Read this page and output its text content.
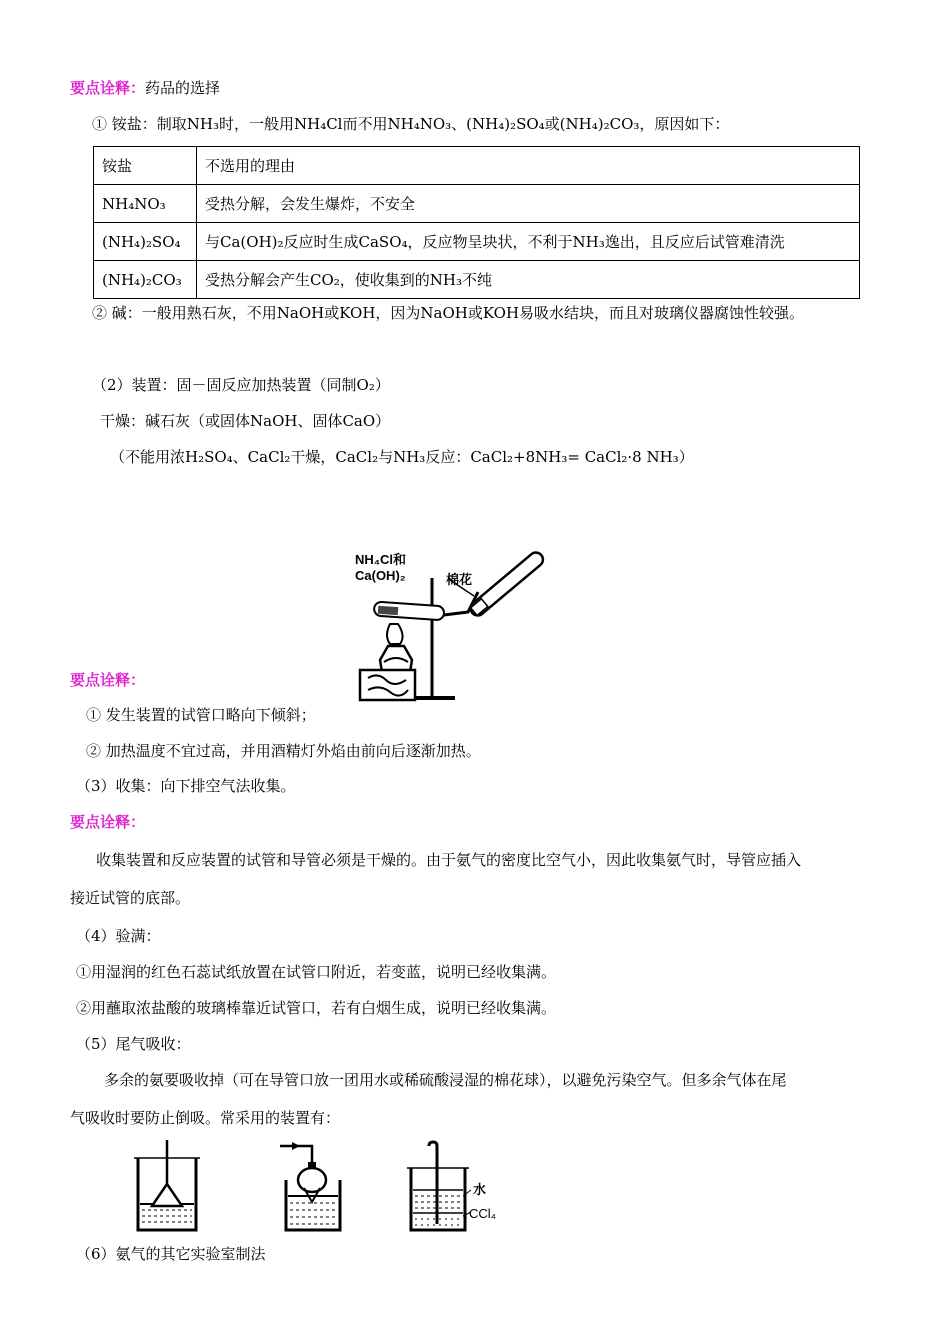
要点诠释：药品的选择
① 铵盐：制取NH₃时，一般用NH₄Cl而不用NH₄NO₃、(NH₄)₂SO₄或(NH₄)₂CO₃，原因如下：
铵盐	不选用的理由
NH₄NO₃	受热分解，会发生爆炸，不安全
(NH₄)₂SO₄	与Ca(OH)₂反应时生成CaSO₄，反应物呈块状，不利于NH₃逸出，且反应后试管难清洗
(NH₄)₂CO₃	受热分解会产生CO₂，使收集到的NH₃不纯
② 碱：一般用熟石灰，不用NaOH或KOH，因为NaOH或KOH易吸水结块，而且对玻璃仪器腐蚀性较强。
（2）装置：固－固反应加热装置（同制O₂）
干燥：碱石灰（或固体NaOH、固体CaO）
（不能用浓H₂SO₄、CaCl₂干燥，CaCl₂与NH₃反应：CaCl₂+8NH₃= CaCl₂·8 NH₃）
NH₄Cl和
Ca(OH)₂	棉花
要点诠释：
① 发生装置的试管口略向下倾斜；
② 加热温度不宜过高，并用酒精灯外焰由前向后逐渐加热。
（3）收集：向下排空气法收集。
要点诠释：
收集装置和反应装置的试管和导管必须是干燥的。由于氨气的密度比空气小，因此收集氨气时，导管应插入
接近试管的底部。
（4）验满：
①用湿润的红色石蕊试纸放置在试管口附近，若变蓝，说明已经收集满。
②用蘸取浓盐酸的玻璃棒靠近试管口，若有白烟生成，说明已经收集满。
（5）尾气吸收：
多余的氨要吸收掉（可在导管口放一团用水或稀硫酸浸湿的棉花球），以避免污染空气。但多余气体在尾
气吸收时要防止倒吸。常采用的装置有：
水
CCl₄
（6）氨气的其它实验室制法
